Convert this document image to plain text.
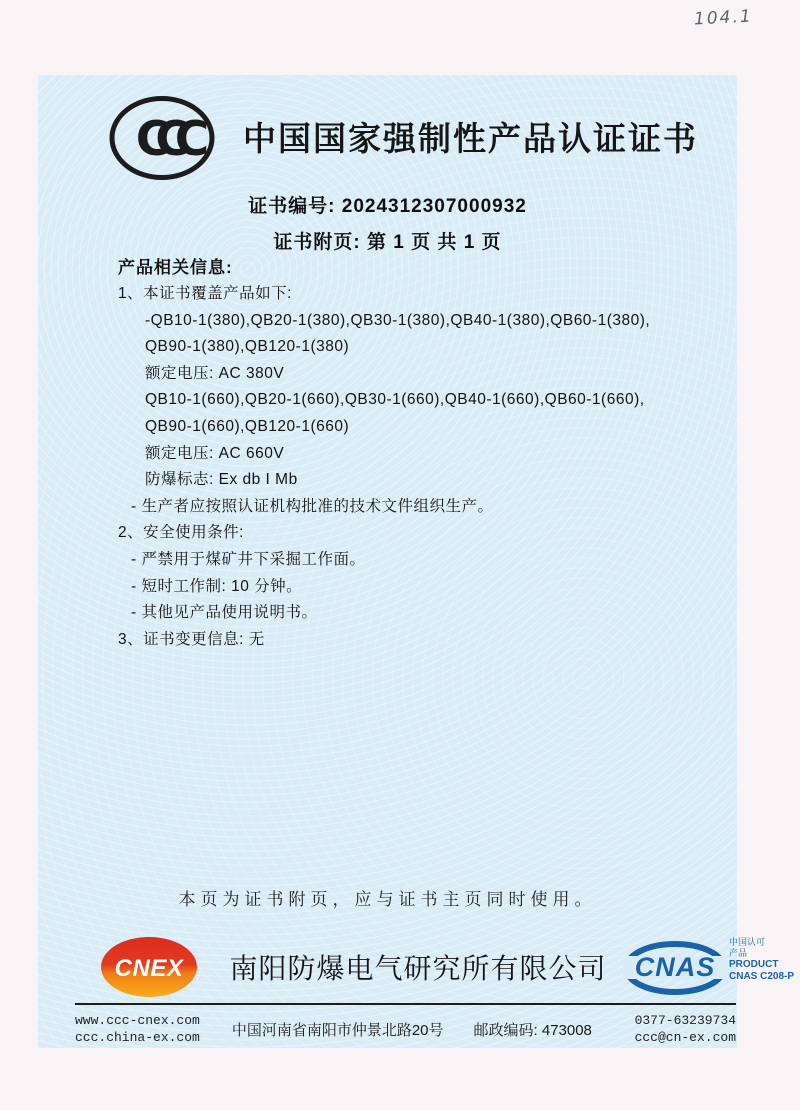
104.1
CCC	中国国家强制性产品认证证书
证书编号: 2024312307000932
证书附页: 第 1 页 共 1 页
产品相关信息:
1、本证书覆盖产品如下:
-QB10-1(380),QB20-1(380),QB30-1(380),QB40-1(380),QB60-1(380),
QB90-1(380),QB120-1(380)
额定电压: AC 380V
QB10-1(660),QB20-1(660),QB30-1(660),QB40-1(660),QB60-1(660),
QB90-1(660),QB120-1(660)
额定电压: AC 660V
防爆标志: Ex db I Mb
- 生产者应按照认证机构批准的技术文件组织生产。
2、安全使用条件:
- 严禁用于煤矿井下采掘工作面。
- 短时工作制: 10 分钟。
- 其他见产品使用说明书。
3、证书变更信息: 无
本页为证书附页，应与证书主页同时使用。
CNEX	南阳防爆电气研究所有限公司	CNAS
中国认可
产品
PRODUCT
CNAS C208-P
www.ccc-cnex.com
ccc.china-ex.com 中国河南省南阳市仲景北路20号 邮政编码: 473008
0377-63239734
ccc@cn-ex.com
